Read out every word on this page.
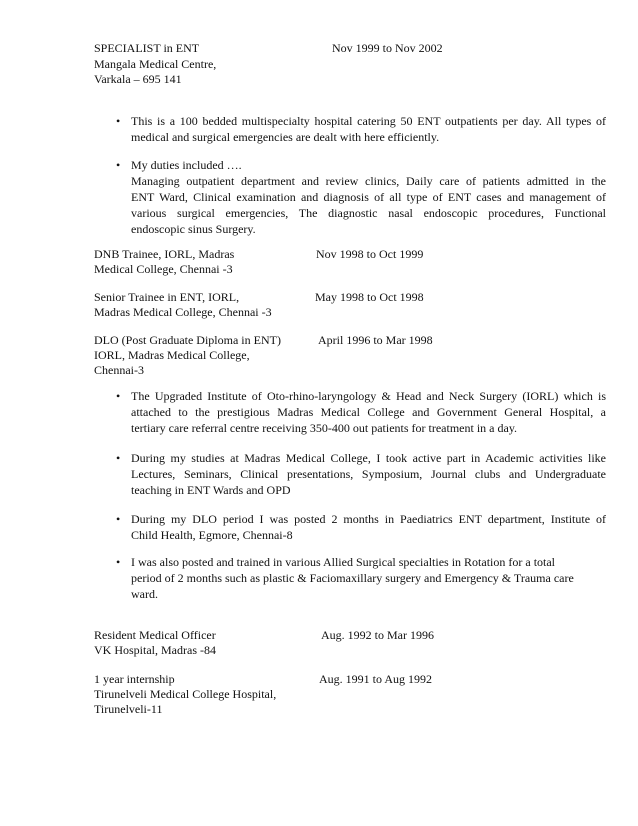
SPECIALIST in ENT	Nov 1999 to Nov 2002
Mangala Medical Centre,
Varkala – 695 141
• This is a 100 bedded multispecialty hospital catering 50 ENT outpatients per day. All types of
medical and surgical emergencies are dealt with here efficiently.
• My duties included ….
Managing outpatient department and review clinics, Daily care of patients admitted in the
ENT Ward, Clinical examination and diagnosis of all type of ENT cases and management of
various surgical emergencies, The diagnostic nasal endoscopic procedures, Functional
endoscopic sinus Surgery.
DNB Trainee, IORL, Madras	Nov 1998 to Oct 1999
Medical College, Chennai -3
Senior Trainee in ENT, IORL,	May 1998 to Oct 1998
Madras Medical College, Chennai -3
DLO (Post Graduate Diploma in ENT)	April 1996 to Mar 1998
IORL, Madras Medical College,
Chennai-3
• The Upgraded Institute of Oto-rhino-laryngology & Head and Neck Surgery (IORL) which is
attached to the prestigious Madras Medical College and Government General Hospital, a
tertiary care referral centre receiving 350-400 out patients for treatment in a day.
• During my studies at Madras Medical College, I took active part in Academic activities like
Lectures, Seminars, Clinical presentations, Symposium, Journal clubs and Undergraduate
teaching in ENT Wards and OPD
• During my DLO period I was posted 2 months in Paediatrics ENT department, Institute of
Child Health, Egmore, Chennai-8
• I was also posted and trained in various Allied Surgical specialties in Rotation for a total
period of 2 months such as plastic & Faciomaxillary surgery and Emergency & Trauma care
ward.
Resident Medical Officer	Aug. 1992 to Mar 1996
VK Hospital, Madras -84
1 year internship	Aug. 1991 to Aug 1992
Tirunelveli Medical College Hospital,
Tirunelveli-11
